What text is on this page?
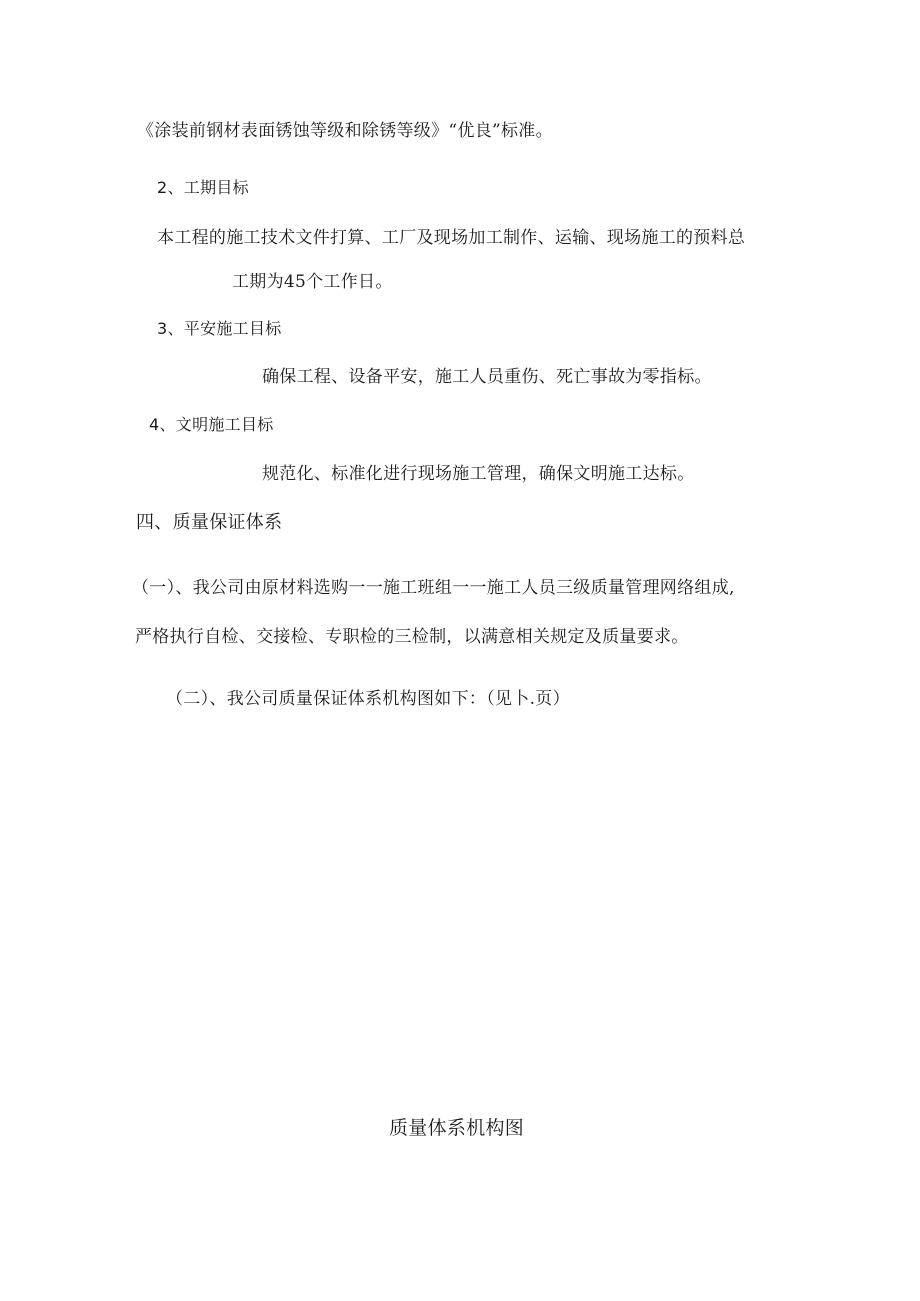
《涂装前钢材表面锈蚀等级和除锈等级》“优良”标准。
2、工期目标
本工程的施工技术文件打算、工厂及现场加工制作、运输、现场施工的预料总
工期为45个工作日。
3、平安施工目标
确保工程、设备平安，施工人员重伤、死亡事故为零指标。
4、文明施工目标
规范化、标准化进行现场施工管理，确保文明施工达标。
四、质量保证体系
（一）、我公司由原材料选购一一施工班组一一施工人员三级质量管理网络组成,
严格执行自检、交接检、专职检的三检制，以满意相关规定及质量要求。
（二）、我公司质量保证体系机构图如下：（见卜.页）
质量体系机构图
